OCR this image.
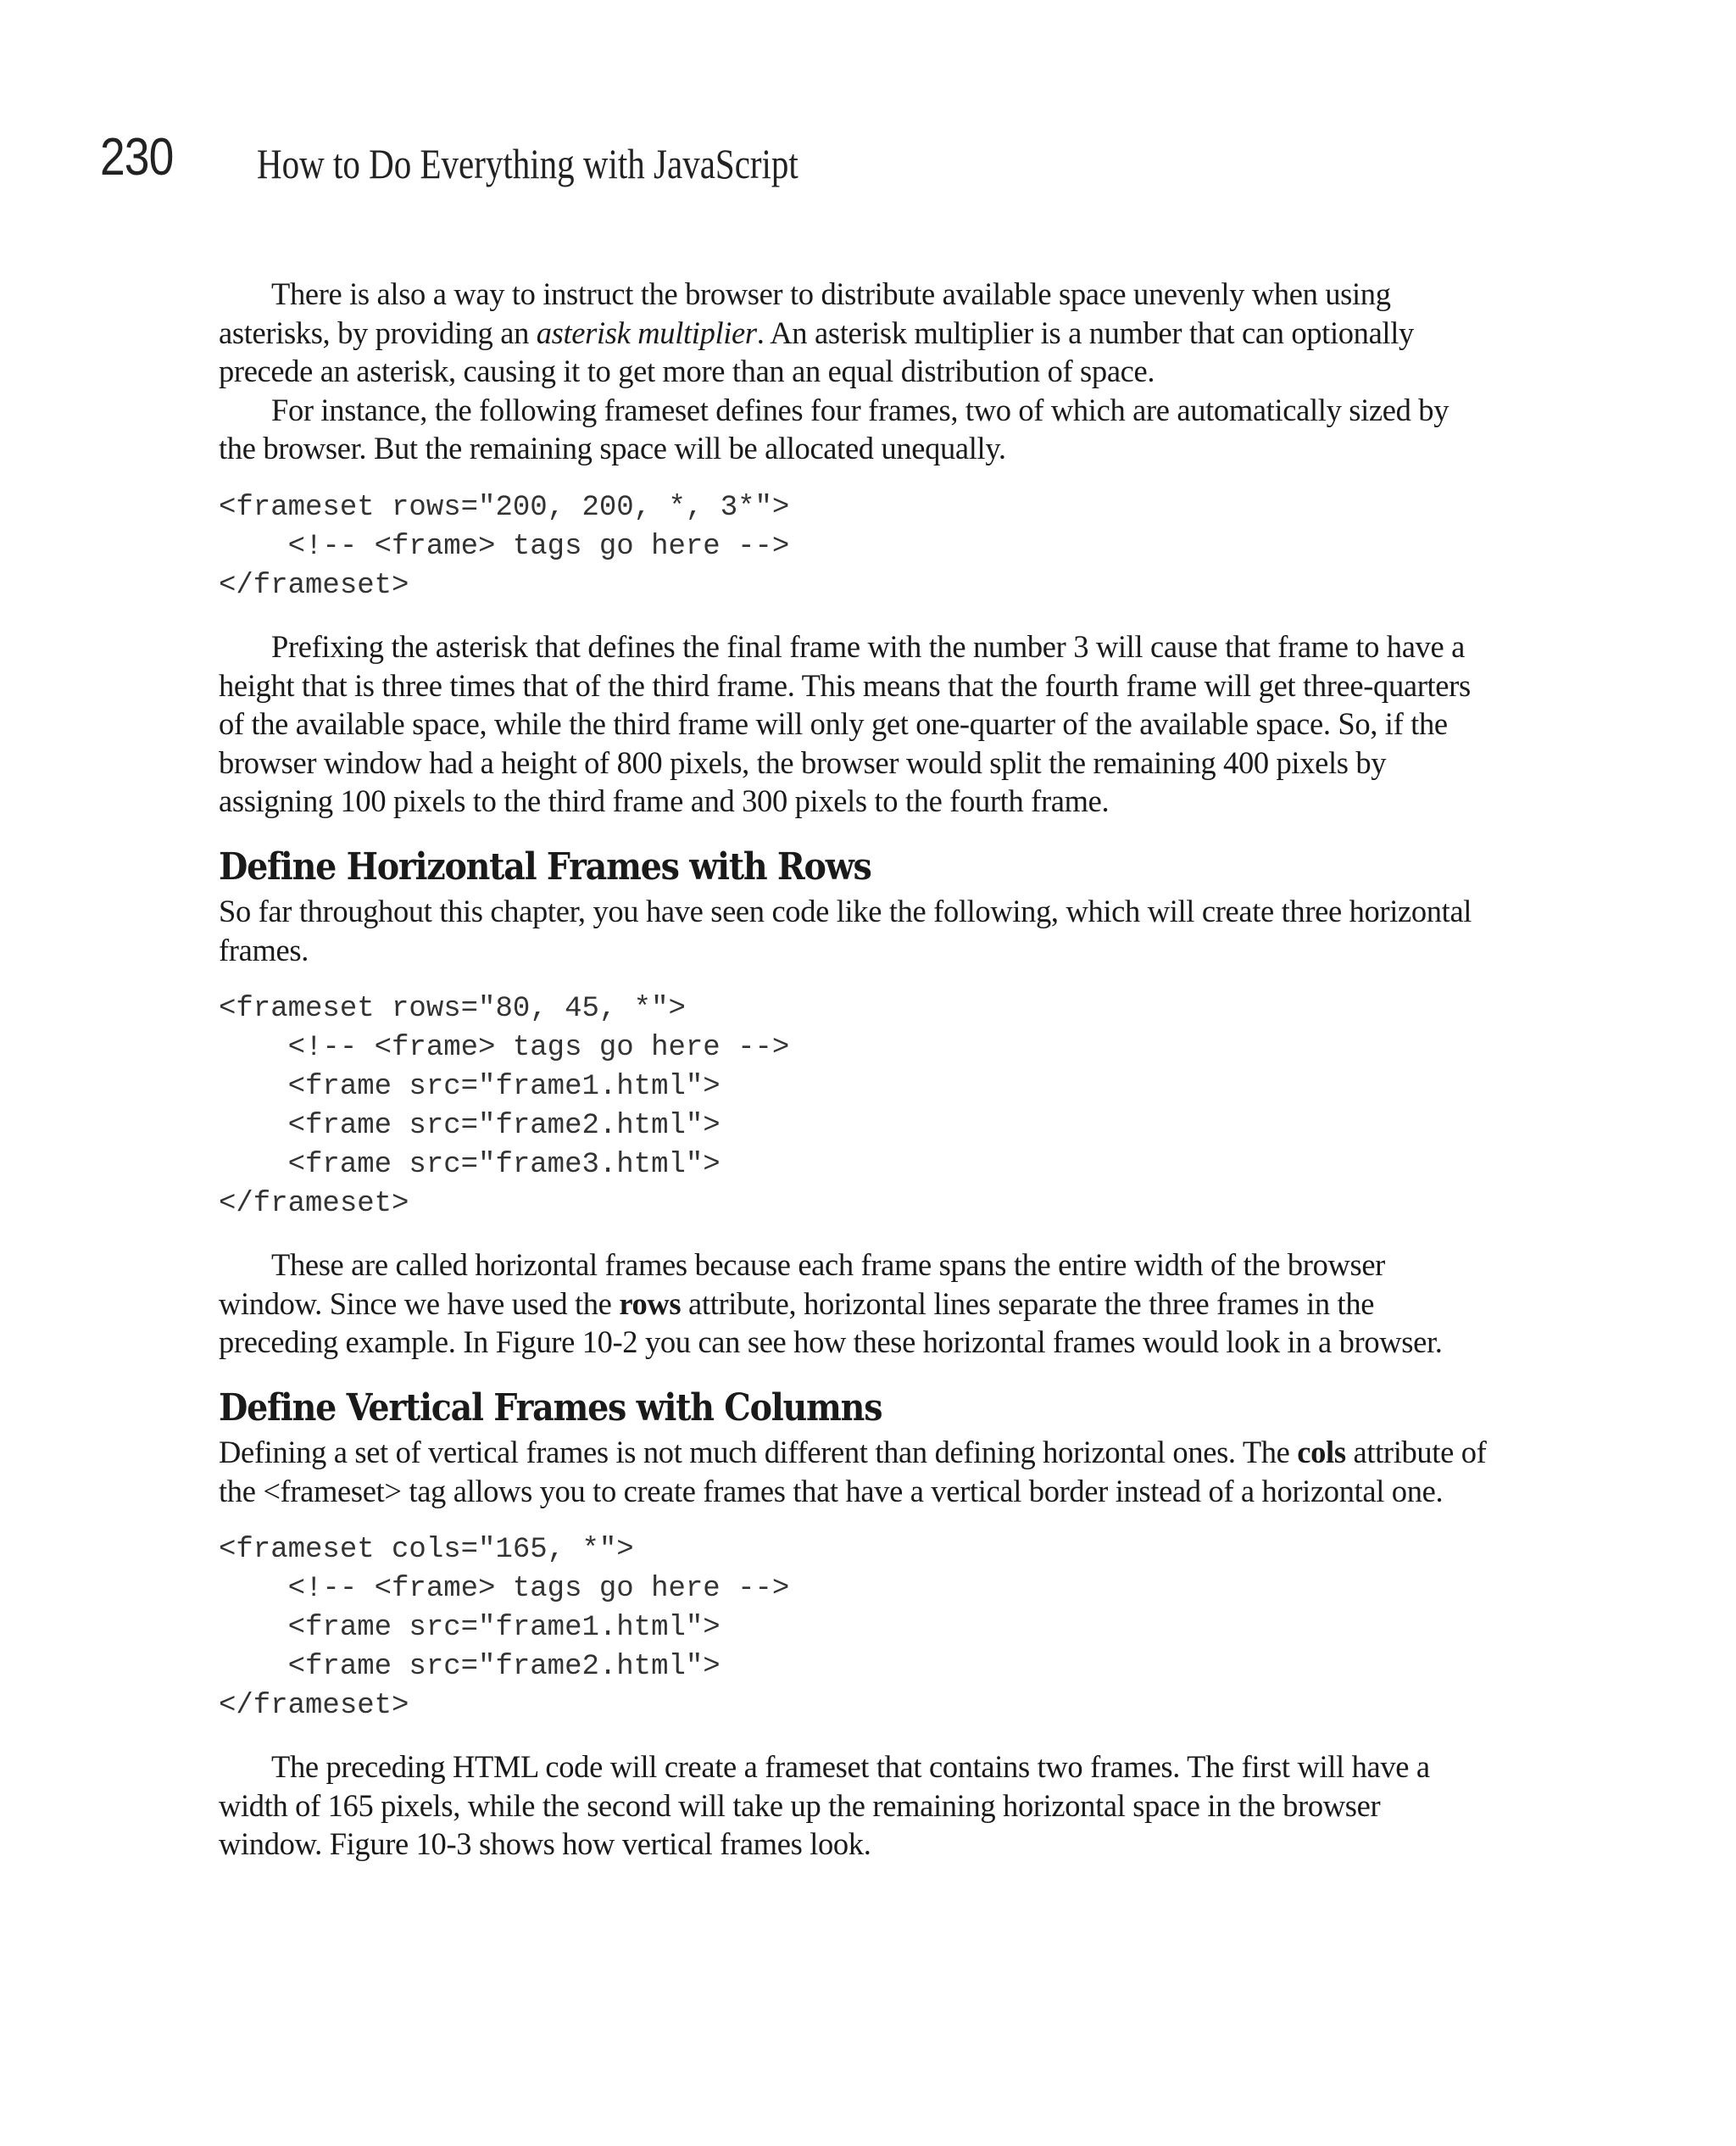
230 How to Do Everything with JavaScript

There is also a way to instruct the browser to distribute available space unevenly when using asterisks, by providing an asterisk multiplier. An asterisk multiplier is a number that can optionally precede an asterisk, causing it to get more than an equal distribution of space.

For instance, the following frameset defines four frames, two of which are automatically sized by the browser. But the remaining space will be allocated unequally.

<frameset rows="200, 200, *, 3*">
<!-- <frame> tags go here -->
</frameset>

Prefixing the asterisk that defines the final frame with the number 3 will cause that frame to have a height that is three times that of the third frame. This means that the fourth frame will get three-quarters of the available space, while the third frame will only get one-quarter of the available space. So, if the browser window had a height of 800 pixels, the browser would split the remaining 400 pixels by assigning 100 pixels to the third frame and 300 pixels to the fourth frame.

Define Horizontal Frames with Rows

So far throughout this chapter, you have seen code like the following, which will create three horizontal frames.

<frameset rows="80, 45, *">
<!-- <frame> tags go here -->
<frame src="frame1.html">
<frame src="frame2.html">
<frame src="frame3.html">
</frameset>

These are called horizontal frames because each frame spans the entire width of the browser window. Since we have used the rows attribute, horizontal lines separate the three frames in the preceding example. In Figure 10-2 you can see how these horizontal frames would look in a browser.

Define Vertical Frames with Columns

Defining a set of vertical frames is not much different than defining horizontal ones. The cols attribute of the <frameset> tag allows you to create frames that have a vertical border instead of a horizontal one.

<frameset cols="165, *">
<!-- <frame> tags go here -->
<frame src="frame1.html">
<frame src="frame2.html">
</frameset>

The preceding HTML code will create a frameset that contains two frames. The first will have a width of 165 pixels, while the second will take up the remaining horizontal space in the browser window. Figure 10-3 shows how vertical frames look.
